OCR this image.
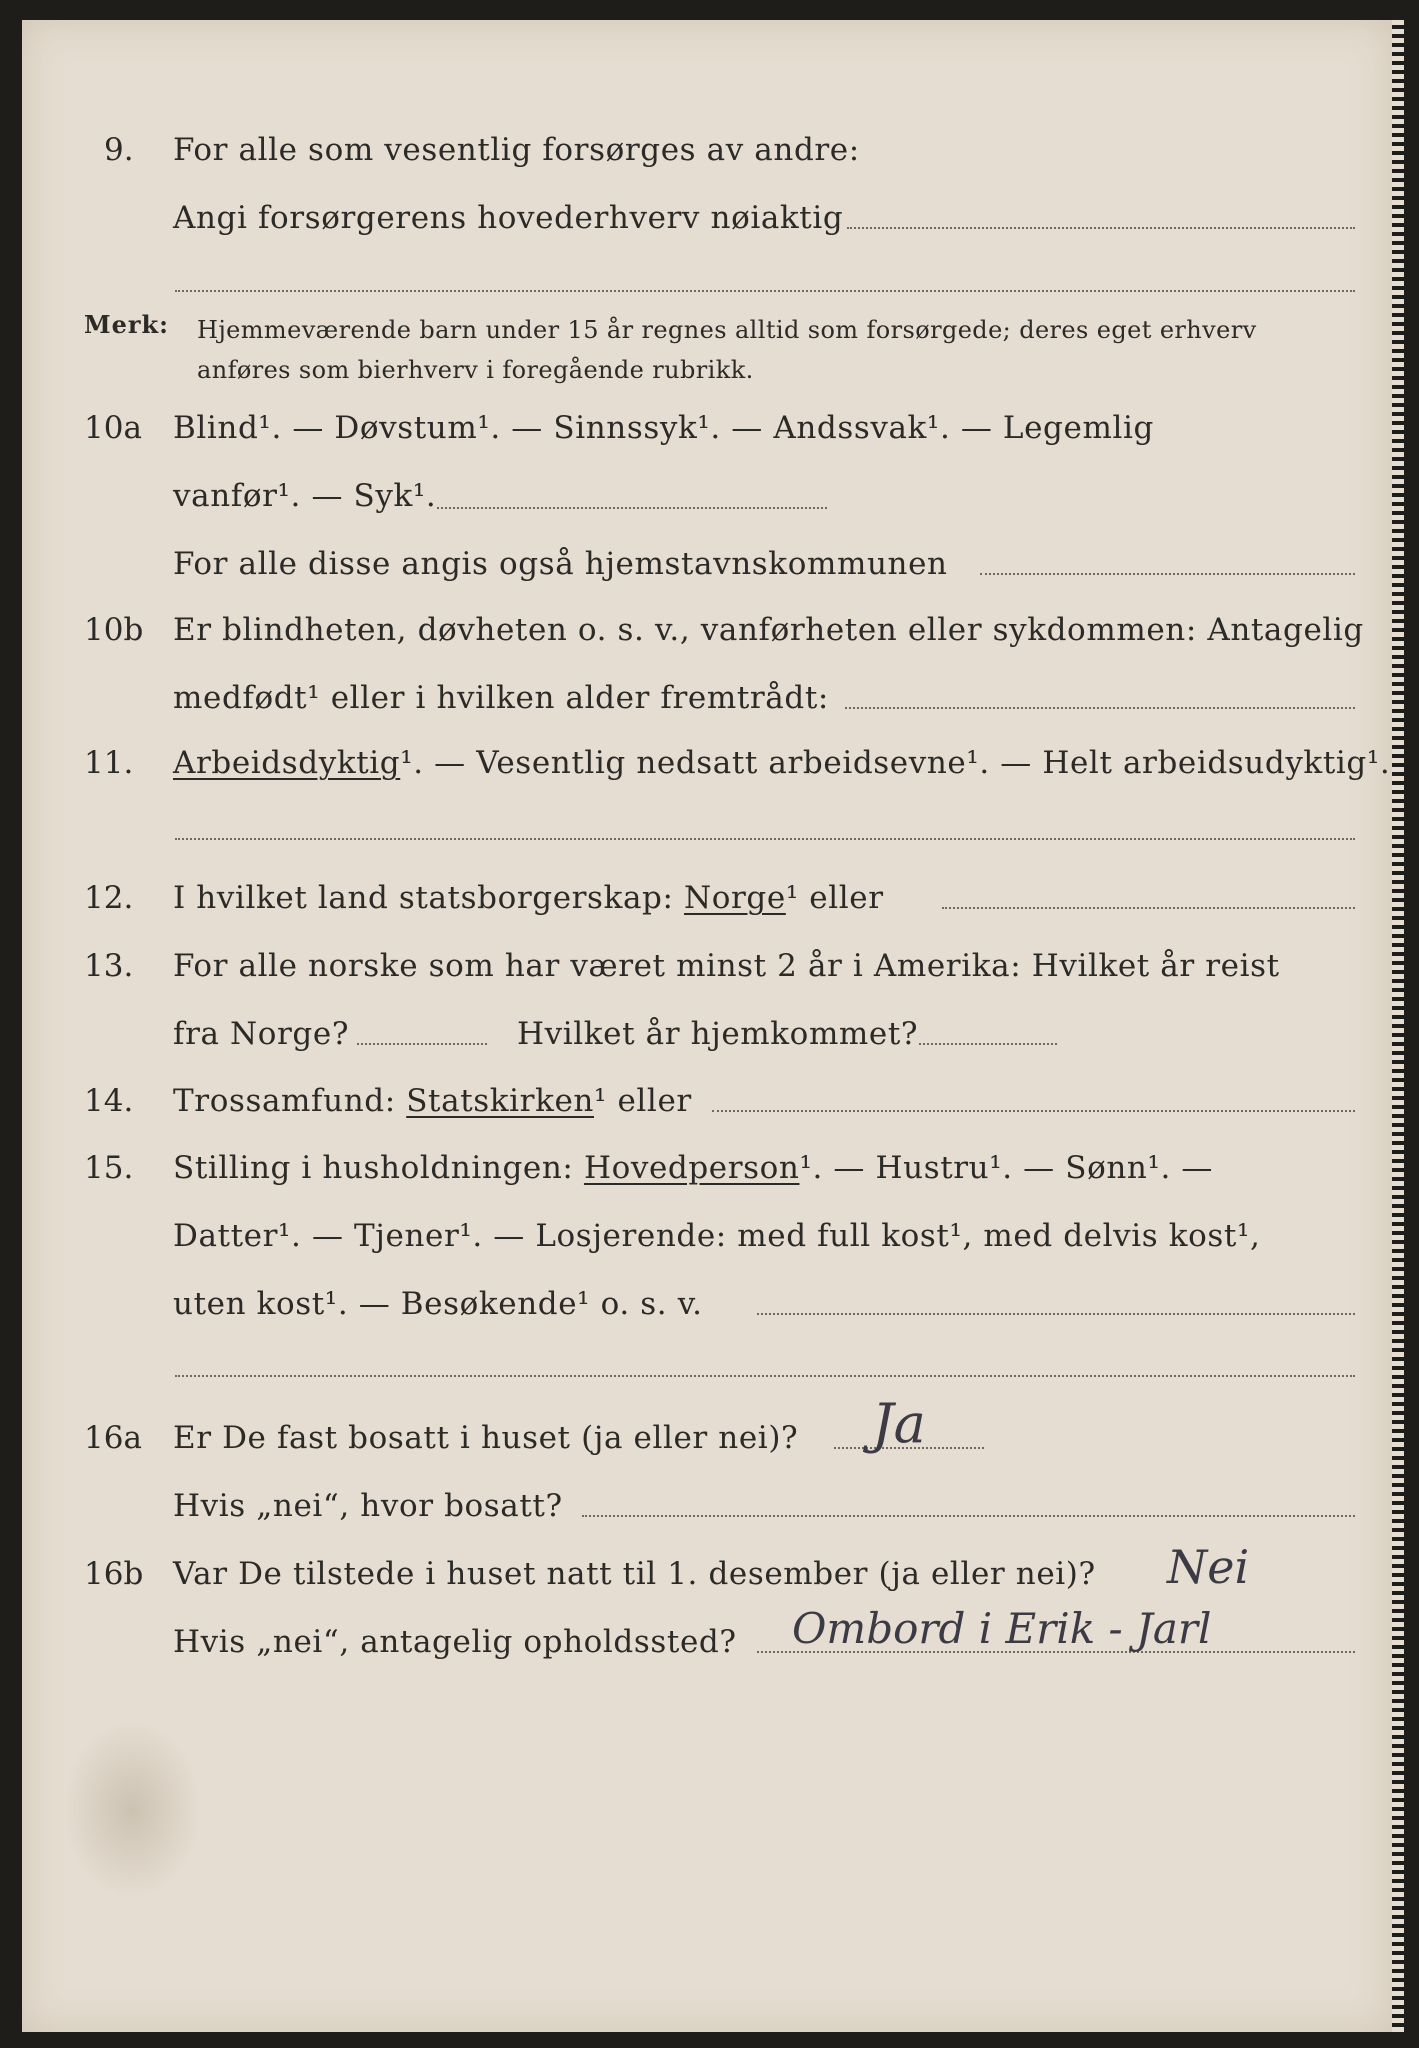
9. For alle som vesentlig forsørges av andre:
Angi forsørgerens hovederhverv nøiaktig
Merk: Hjemmeværende barn under 15 år regnes alltid som forsørgede; deres eget erhverv
anføres som bierhverv i foregående rubrikk.
10a Blind¹. — Døvstum¹. — Sinnssyk¹. — Andssvak¹. — Legemlig
vanfør¹. — Syk¹.
For alle disse angis også hjemstavnskommunen
10b Er blindheten, døvheten o. s. v., vanførheten eller sykdommen: Antagelig
medfødt¹ eller i hvilken alder fremtrådt:
11. Arbeidsdyktig¹. — Vesentlig nedsatt arbeidsevne¹. — Helt arbeidsudyktig¹.
12. I hvilket land statsborgerskap: Norge¹ eller
13. For alle norske som har været minst 2 år i Amerika: Hvilket år reist
fra Norge?	Hvilket år hjemkommet?
14. Trossamfund: Statskirken¹ eller
15. Stilling i husholdningen: Hovedperson¹. — Hustru¹. — Sønn¹. —
Datter¹. — Tjener¹. — Losjerende: med full kost¹, med delvis kost¹,
uten kost¹. — Besøkende¹ o. s. v.
16a Er De fast bosatt i huset (ja eller nei)? Ja
Hvis „nei“, hvor bosatt?
16b Var De tilstede i huset natt til 1. desember (ja eller nei)? Nei
Hvis „nei“, antagelig opholdssted? Ombord i Erik - Jarl
